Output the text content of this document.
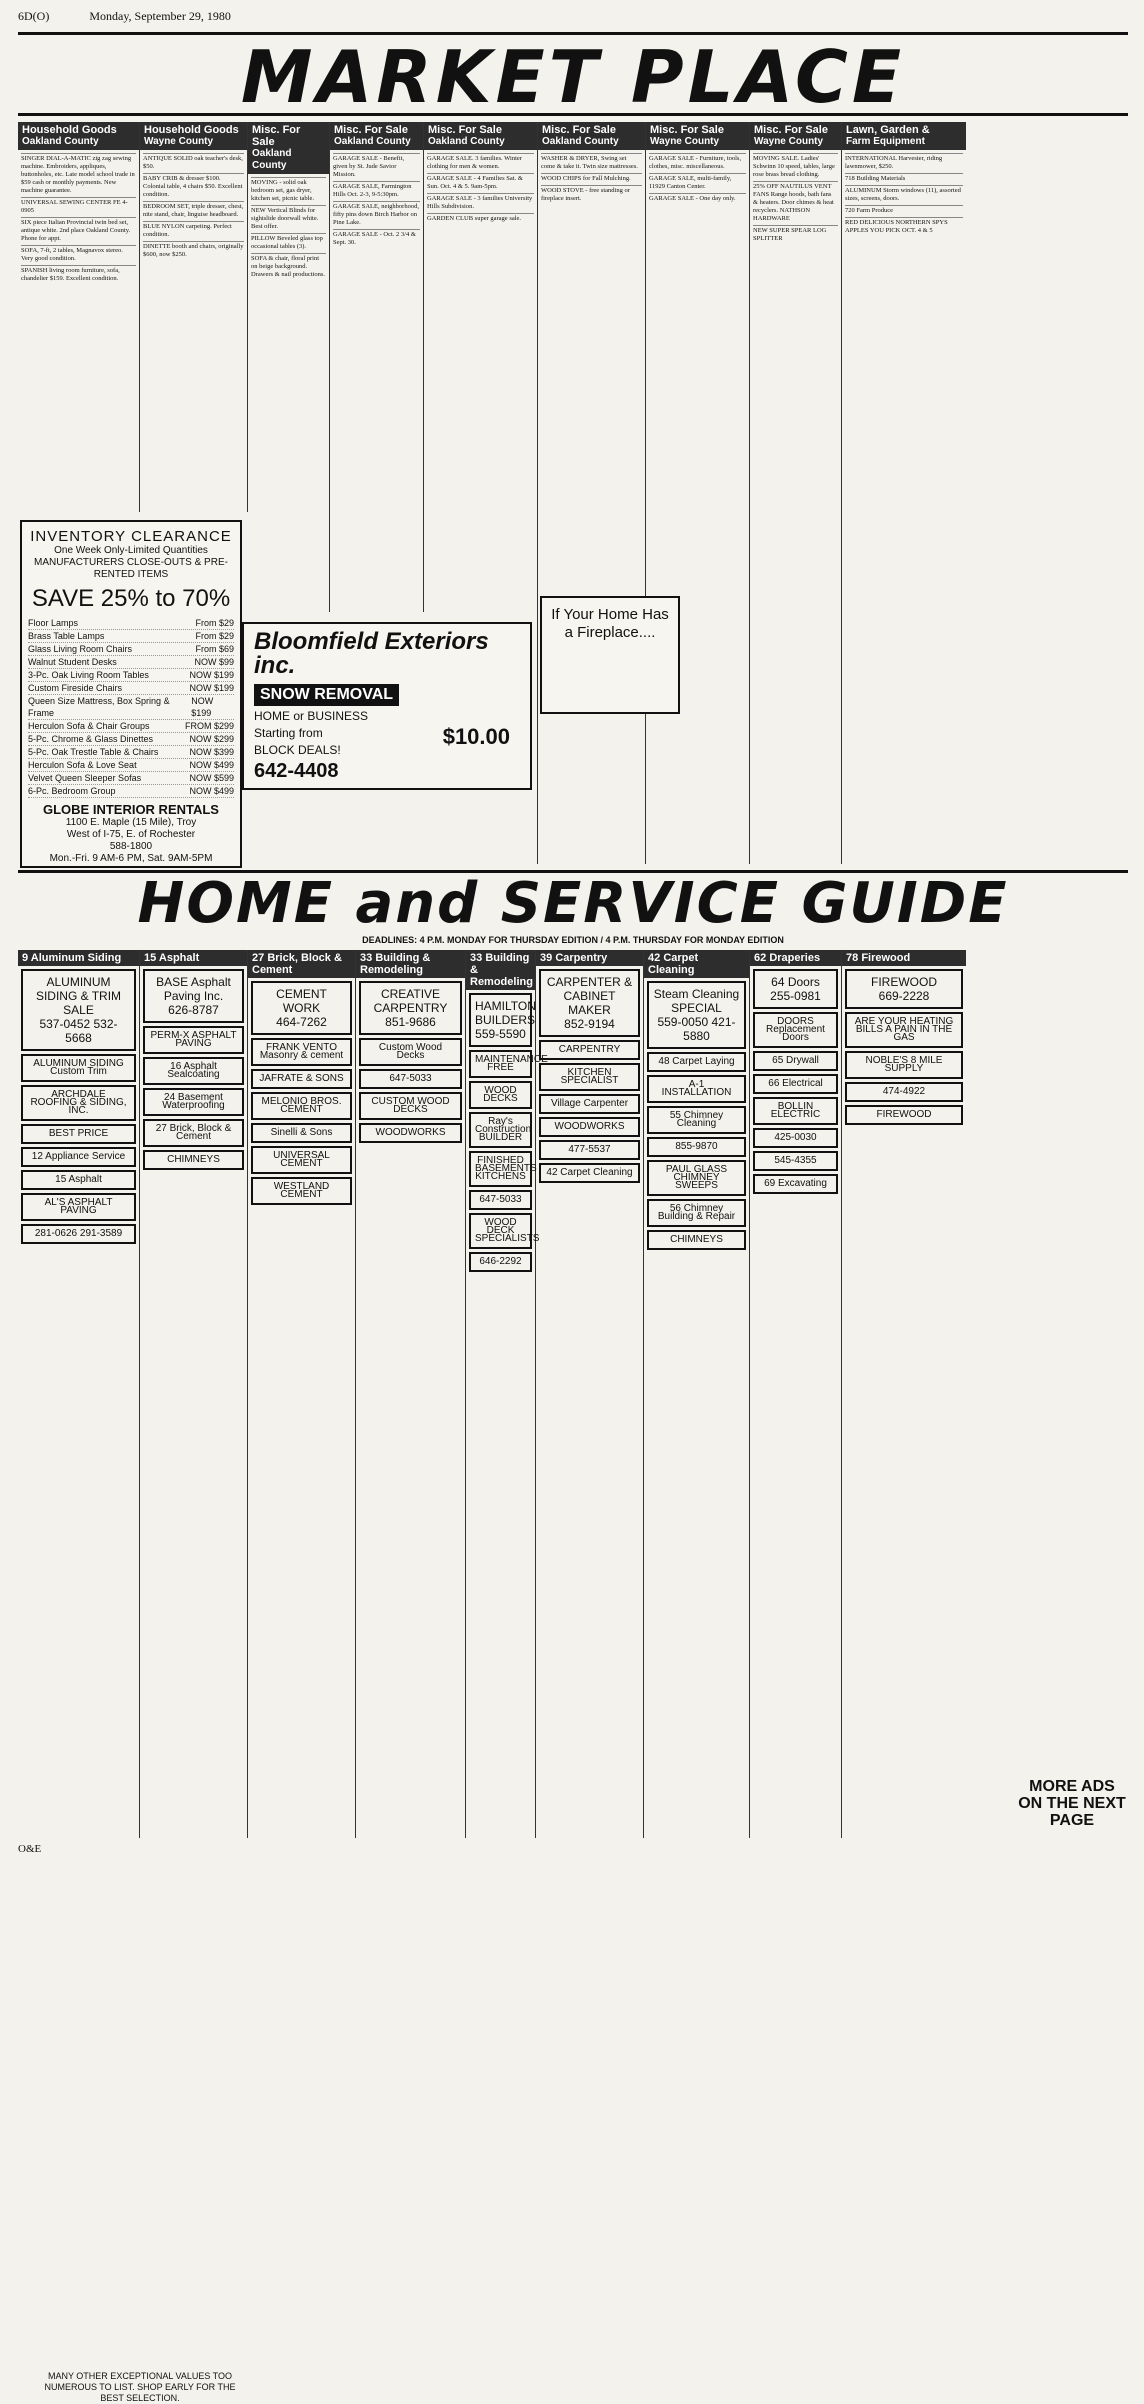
6D(O)	Monday, September 29, 1980
MARKET PLACE
Household Goods
Oakland County
SINGER DIAL-A-MATIC zig zag sewing machine. Embroiders, appliques, buttonholes, etc. Late model school trade in $59 cash or monthly payments. New machine guarantee.
UNIVERSAL SEWING CENTER FE 4-0905
SIX piece Italian Provincial twin bed set, antique white. 2nd place Oakland County. Phone for appt.
SOFA, 7-ft, 2 tables, Magnavox stereo. Very good condition.
SPANISH living room furniture, sofa, chandelier $159. Excellent condition.
Household Goods
Wayne County
ANTIQUE SOLID oak teacher's desk, $50.
BABY CRIB & dresser $100. Colonial table, 4 chairs $50. Excellent condition.
BEDROOM SET, triple dresser, chest, nite stand, chair, linguise headboard.
BLUE NYLON carpeting. Perfect condition.
DINETTE booth and chairs, originally $600, now $250.
Misc. For Sale
Oakland County
MOVING - solid oak bedroom set, gas dryer, kitchen set, picnic table.
NEW Vertical Blinds for sightslide doorwall white. Best offer.
PILLOW Beveled glass top occasional tables (3).
SOFA & chair, floral print on beige background. Drawers & nail productions.
Misc. For Sale
Oakland County
GARAGE SALE - Benefit, given by St. Jude Savior Mission.
GARAGE SALE, Farmington Hills Oct. 2-3, 9-5:30pm.
GARAGE SALE, neighborhood, fifty pins down Birch Harbor on Pine Lake.
GARAGE SALE - Oct. 2 3/4 & Sept. 30.
Misc. For Sale
Oakland County
GARAGE SALE. 3 families. Winter clothing for men & women.
GARAGE SALE - 4 Families Sat. & Sun. Oct. 4 & 5. 9am-5pm.
GARAGE SALE - 3 families University Hills Subdivision.
GARDEN CLUB super garage sale.
Misc. For Sale
Oakland County
WASHER & DRYER, Swing set come & take it. Twin size mattresses.
WOOD CHIPS for Fall Mulching.
WOOD STOVE - free standing or fireplace insert.
Misc. For Sale
Wayne County
GARAGE SALE - Furniture, tools, clothes, misc. miscellaneous.
GARAGE SALE, multi-family, 11929 Canton Center.
GARAGE SALE - One day only.
Misc. For Sale
Wayne County
MOVING SALE. Ladies' Schwinn 10 speed, tables, large rose brass bread clothing.
25% OFF NAUTILUS VENT FANS Range hoods, bath fans & heaters. Door chimes & heat recyclers. NATHSON HARDWARE
NEW SUPER SPEAR LOG SPLITTER
Lawn, Garden &
Farm Equipment
INTERNATIONAL Harvester, riding lawnmower, $250.
718 Building Materials
ALUMINUM Storm windows (11), assorted sizes, screens, doors.
720 Farm Produce
RED DELICIOUS NORTHERN SPYS APPLES YOU PICK OCT. 4 & 5
INVENTORY CLEARANCE
One Week Only-Limited Quantities MANUFACTURERS CLOSE-OUTS & PRE-RENTED ITEMS
SAVE 25% to 70%
Floor Lamps	From $29
Brass Table Lamps	From $29
Glass Living Room Chairs	From $69
Walnut Student Desks	NOW $99
3-Pc. Oak Living Room Tables	NOW $199
Custom Fireside Chairs	NOW $199
Queen Size Mattress, Box Spring & Frame
NOW $199
Herculon Sofa & Chair Groups	FROM $299
5-Pc. Chrome & Glass Dinettes	NOW $299
5-Pc. Oak Trestle Table & Chairs	NOW $399
Herculon Sofa & Love Seat	NOW $499
Velvet Queen Sleeper Sofas	NOW $599
6-Pc. Bedroom Group	NOW $499
MANY OTHER EXCEPTIONAL VALUES TOO NUMEROUS TO LIST. SHOP EARLY FOR THE BEST SELECTION.
GLOBE INTERIOR RENTALS
1100 E. Maple (15 Mile), Troy
West of I-75, E. of Rochester
588-1800
Mon.-Fri. 9 AM-6 PM, Sat. 9AM-5PM
Bloomfield Exteriors inc.
SNOW REMOVAL
HOME or BUSINESS
Starting from
BLOCK DEALS!
642-4408
$10.00
If Your Home Has a Fireplace....
HOME and SERVICE GUIDE
DEADLINES: 4 P.M. MONDAY FOR THURSDAY EDITION / 4 P.M. THURSDAY FOR MONDAY EDITION
9 Aluminum Siding
ALUMINUM SIDING & TRIM SALE
537-0452 532-5668
ALUMINUM SIDING Custom Trim
ARCHDALE ROOFING & SIDING, INC.
BEST PRICE
12 Appliance Service
15 Asphalt
AL'S ASPHALT PAVING
281-0626 291-3589
15 Asphalt
BASE Asphalt Paving Inc.
626-8787
PERM-X ASPHALT PAVING
16 Asphalt Sealcoating
24 Basement Waterproofing
27 Brick, Block & Cement
CHIMNEYS
27 Brick, Block & Cement
CEMENT WORK
464-7262
FRANK VENTO Masonry & cement
JAFRATE & SONS
MELONIO BROS. CEMENT
Sinelli & Sons
UNIVERSAL CEMENT
WESTLAND CEMENT
33 Building & Remodeling
CREATIVE CARPENTRY
851-9686
Custom Wood Decks
647-5033
CUSTOM WOOD DECKS
WOODWORKS
33 Building & Remodeling
HAMILTON BUILDERS
559-5590
MAINTENANCE FREE
WOOD DECKS
Ray's Construction BUILDER
FINISHED BASEMENTS KITCHENS
647-5033
WOOD DECK SPECIALISTS
646-2292
39 Carpentry
CARPENTER & CABINET MAKER
852-9194
CARPENTRY
KITCHEN SPECIALIST
Village Carpenter
WOODWORKS
477-5537
42 Carpet Cleaning
42 Carpet Cleaning
Steam Cleaning SPECIAL
559-0050 421-5880
48 Carpet Laying
A-1 INSTALLATION
55 Chimney Cleaning
855-9870
PAUL GLASS CHIMNEY SWEEPS
56 Chimney Building & Repair
CHIMNEYS
62 Draperies
64 Doors
255-0981
DOORS Replacement Doors
65 Drywall
66 Electrical
BOLLIN ELECTRIC
425-0030
545-4355
69 Excavating
78 Firewood
FIREWOOD
669-2228
ARE YOUR HEATING BILLS A PAIN IN THE GAS
NOBLE'S 8 MILE SUPPLY
474-4922
FIREWOOD
MORE ADS ON THE NEXT PAGE
O&E
